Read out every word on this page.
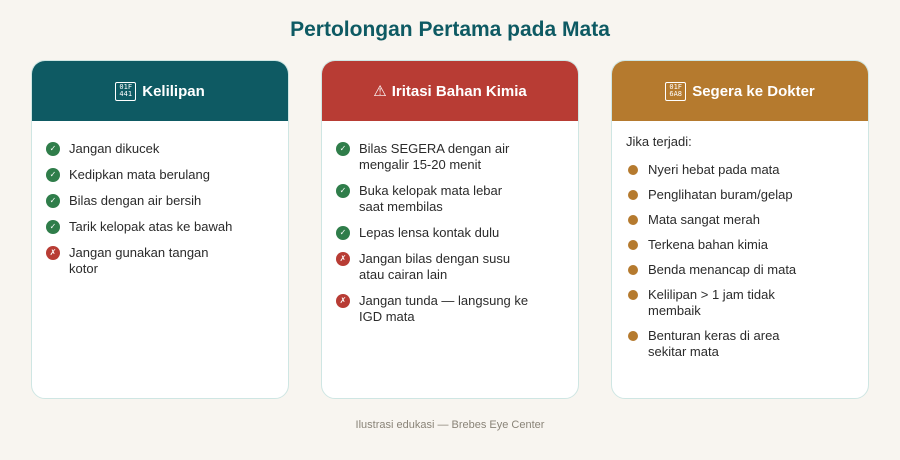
Pertolongan Pertama pada Mata
01F
441 Kelilipan
✓ Jangan dikucek
✓ Kedipkan mata berulang
✓ Bilas dengan air bersih
✓ Tarik kelopak atas ke bawah
✗ Jangan gunakan tangan kotor
⚠ Iritasi Bahan Kimia
✓ Bilas SEGERA dengan air mengalir 15-20 menit
✓ Buka kelopak mata lebar saat membilas
✓ Lepas lensa kontak dulu
✗ Jangan bilas dengan susu atau cairan lain
✗ Jangan tunda — langsung ke IGD mata
01F
6A8 Segera ke Dokter
Jika terjadi:
Nyeri hebat pada mata
Penglihatan buram/gelap
Mata sangat merah
Terkena bahan kimia
Benda menancap di mata
Kelilipan > 1 jam tidak membaik
Benturan keras di area sekitar mata
Ilustrasi edukasi — Brebes Eye Center
